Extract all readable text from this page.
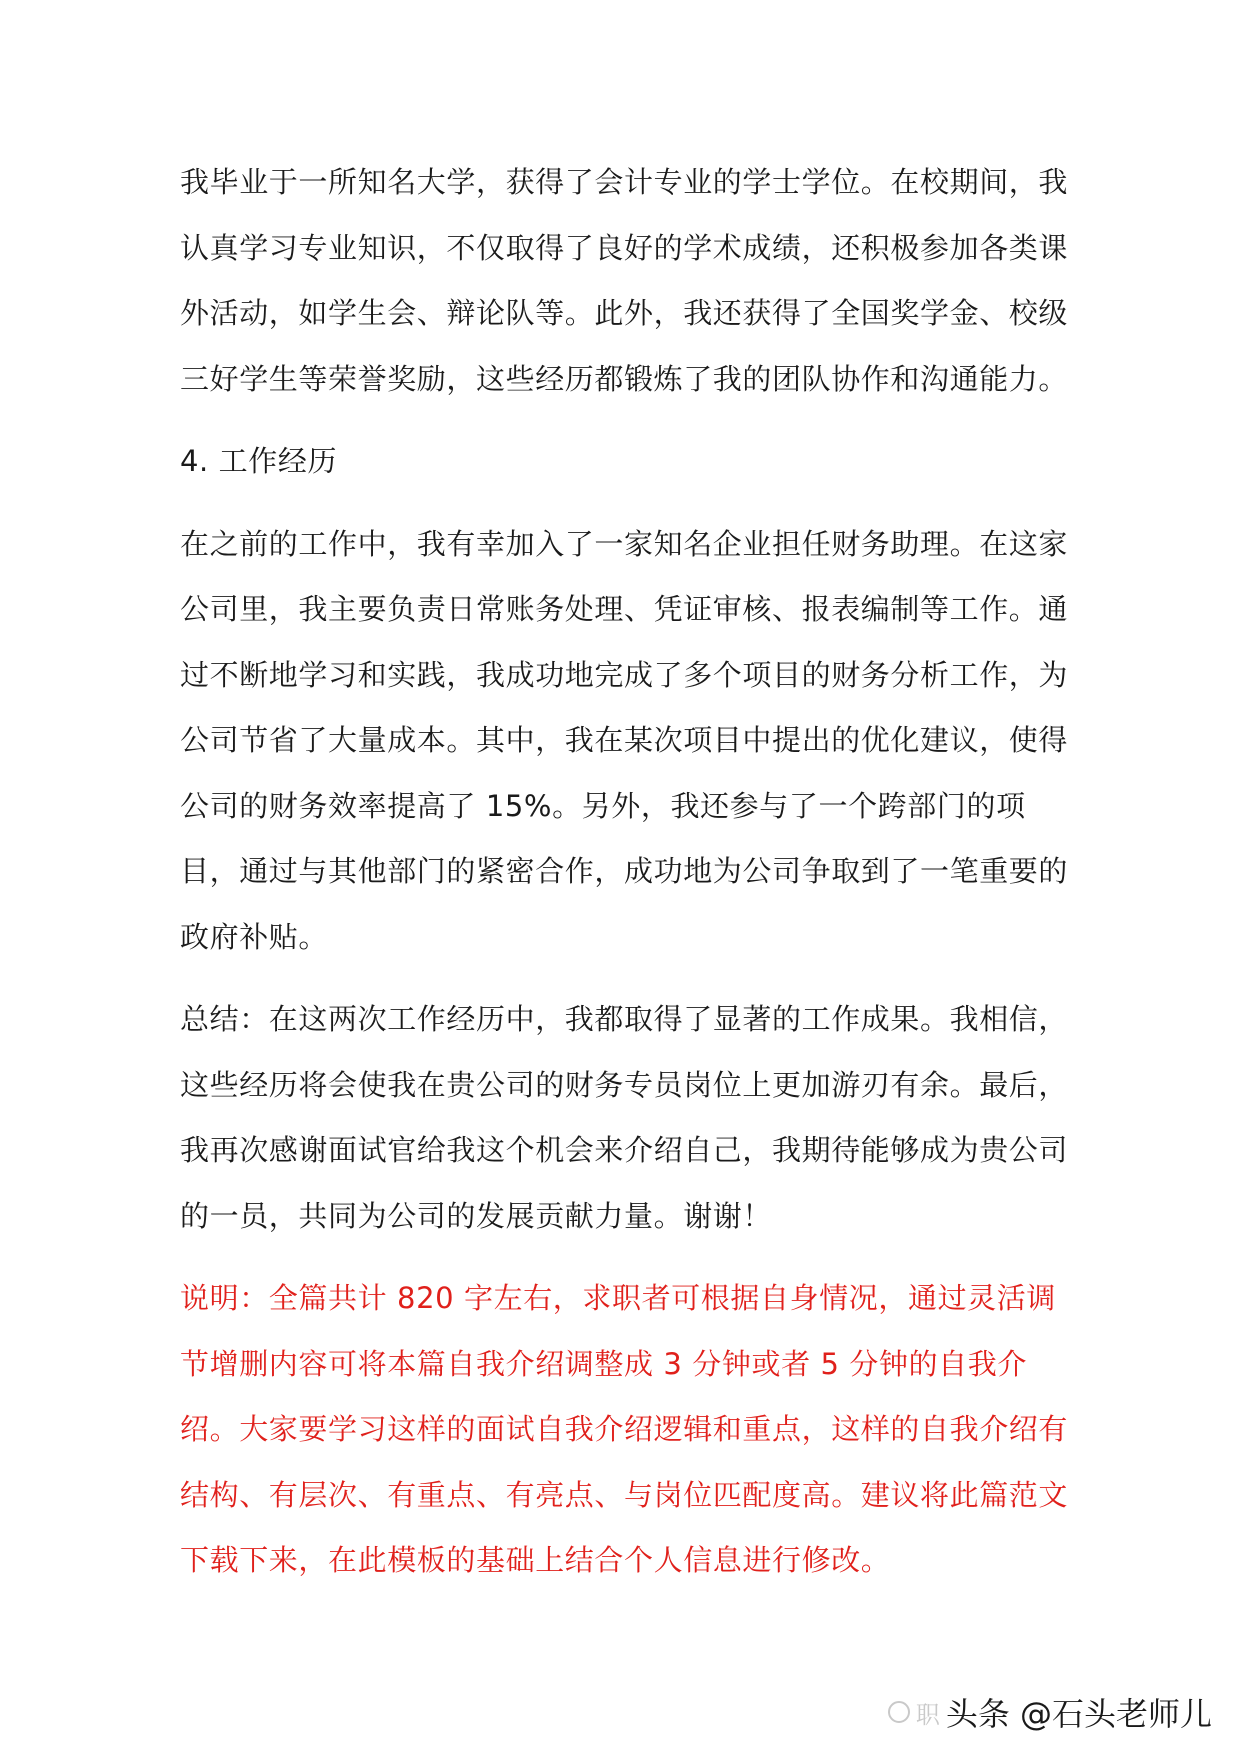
我毕业于一所知名大学，获得了会计专业的学士学位。在校期间，我认真学习专业知识，不仅取得了良好的学术成绩，还积极参加各类课外活动，如学生会、辩论队等。此外，我还获得了全国奖学金、校级三好学生等荣誉奖励，这些经历都锻炼了我的团队协作和沟通能力。

4. 工作经历

在之前的工作中，我有幸加入了一家知名企业担任财务助理。在这家公司里，我主要负责日常账务处理、凭证审核、报表编制等工作。通过不断地学习和实践，我成功地完成了多个项目的财务分析工作，为公司节省了大量成本。其中，我在某次项目中提出的优化建议，使得公司的财务效率提高了 15%。另外，我还参与了一个跨部门的项目，通过与其他部门的紧密合作，成功地为公司争取到了一笔重要的政府补贴。

总结：在这两次工作经历中，我都取得了显著的工作成果。我相信，这些经历将会使我在贵公司的财务专员岗位上更加游刃有余。最后，我再次感谢面试官给我这个机会来介绍自己，我期待能够成为贵公司的一员，共同为公司的发展贡献力量。谢谢！

说明：全篇共计 820 字左右，求职者可根据自身情况，通过灵活调节增删内容可将本篇自我介绍调整成 3 分钟或者 5 分钟的自我介绍。大家要学习这样的面试自我介绍逻辑和重点，这样的自我介绍有结构、有层次、有重点、有亮点、与岗位匹配度高。建议将此篇范文下载下来，在此模板的基础上结合个人信息进行修改。

职 头条 @石头老师儿
